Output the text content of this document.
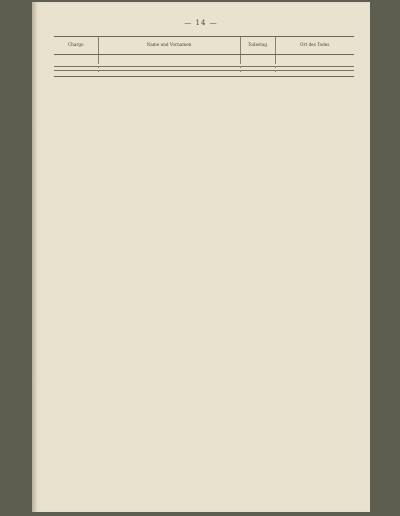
— 14 —
Chargo	Name und Vornamen	Todestag	Ort des Todes
